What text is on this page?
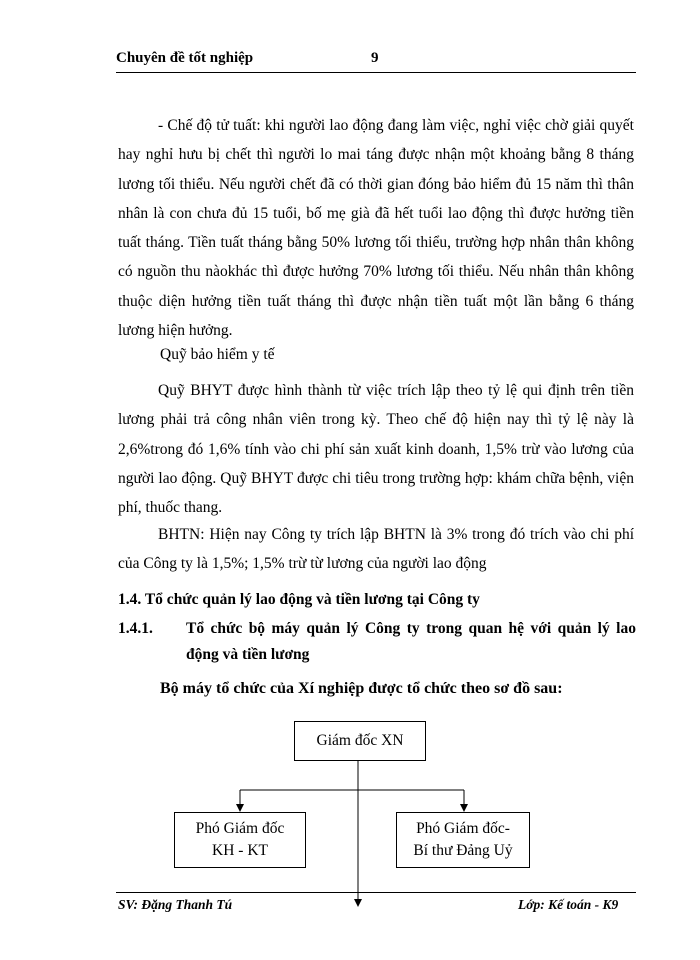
Chuyên đề tốt nghiệp	9

- Chế độ tử tuất: khi người lao động đang làm việc, nghỉ việc chờ giải quyết hay nghỉ hưu bị chết thì người lo mai táng được nhận một khoảng bằng 8 tháng lương tối thiểu. Nếu người chết đã có thời gian đóng bảo hiểm đủ 15 năm thì thân nhân là con chưa đủ 15 tuổi, bố mẹ già đã hết tuổi lao động thì được hưởng tiền tuất tháng. Tiền tuất tháng bằng 50% lương tối thiểu, trường hợp nhân thân không có nguồn thu nàokhác thì được hưởng 70% lương tối thiểu. Nếu nhân thân không thuộc diện hưởng tiền tuất tháng thì được nhận tiền tuất một lần bằng 6 tháng lương hiện hưởng.

Quỹ bảo hiểm y tế

Quỹ BHYT được hình thành từ việc trích lập theo tỷ lệ qui định trên tiền lương phải trả công nhân viên trong kỳ. Theo chế độ hiện nay thì tỷ lệ này là 2,6%trong đó 1,6% tính vào chi phí sản xuất kinh doanh, 1,5% trừ vào lương của người lao động. Quỹ BHYT được chi tiêu trong trường hợp: khám chữa bệnh, viện phí, thuốc thang.

BHTN: Hiện nay Công ty trích lập BHTN là 3% trong đó trích vào chi phí của Công ty là 1,5%; 1,5% trừ từ lương của người lao động

1.4. Tổ chức quản lý lao động và tiền lương tại Công ty

1.4.1. Tổ chức bộ máy quản lý Công ty trong quan hệ với quản lý lao

động và tiền lương

Bộ máy tổ chức của Xí nghiệp được tổ chức theo sơ đồ sau:

Giám đốc XN
Phó Giám đốc
KH - KT
Phó Giám đốc-
Bí thư Đảng Uỷ
SV: Đặng Thanh Tú	Lớp: Kế toán - K9
